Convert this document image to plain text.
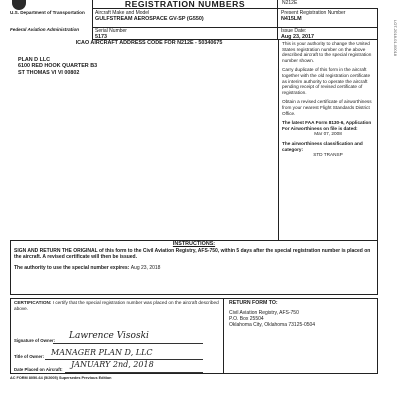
U.S. Department of Transportation
Federal Aviation Administration
REGISTRATION NUMBERS	N212E
Aircraft Make and Model
GULFSTREAM AEROSPACE GV-SP (G550)
Serial Number
5173
Present Registration Number
N415LM
Issue Date:
Aug 23, 2017
ICAO AIRCRAFT ADDRESS CODE FOR N212E - 50340675
PLAN D LLC
6100 RED HOOK QUARTER B3
ST THOMAS VI VI 00802

This is your authority to change the United States registration number on the above described aircraft to the special registration number shown.

Carry duplicate of this form in the aircraft together with the old registration certificate as interim authority to operate the aircraft pending receipt of revised certificate of registration.

Obtain a revised certificate of airworthiness from your nearest Flight Standards District Office.

The latest FAA Form 8130-6, Application For Airworthiness on file is dated:
Mar 07, 2008

The airworthiness classification and category:
STD TRANSP

INSTRUCTIONS:
SIGN AND RETURN THE ORIGINAL of this form to the Civil Aviation Registry, AFS-750, within 5 days after the special registration number is placed on the aircraft. A revised certificate will then be issued.
The authority to use the special number expires: Aug 23, 2018
CERTIFICATION: I certify that the special registration number was placed on the aircraft described above.
Signature of Owner: Lawrence Visoski
Title of Owner: MANAGER PLAN D, LLC
Date Placed on Aircraft:
JANUARY 2nd, 2018
RETURN FORM TO:
Civil Aviation Registry, AFS-750
P.O. Box 25504
Oklahoma City, Oklahoma 73125-0504
AC FORM 8050-64 (5/2005) Supersedes Previous Edition
LOT-2018-01-00018
